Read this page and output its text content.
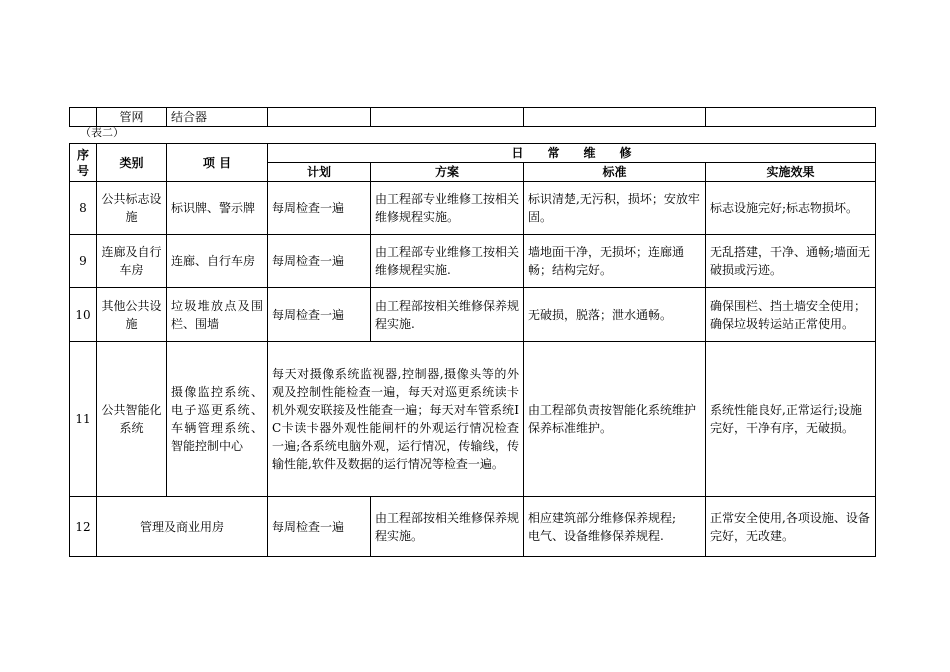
	管网	结合器				
（表二）
序号	类别	项 目	日　　常　　维　　修			
			计划	方案	标准	实施效果
8	公共标志设施	标识牌、警示牌	每周检查一遍	由工程部专业维修工按相关维修规程实施。	标识清楚,无污积，损坏；安放牢固。	标志设施完好;标志物损坏。
9	连廊及自行车房	连廊、自行车房	每周检查一遍	由工程部专业维修工按相关维修规程实施.	墙地面干净，无损坏；连廊通畅；结构完好。	无乱搭建，干净、通畅;墙面无破损或污迹。
10	其他公共设施	垃圾堆放点及围栏、围墙	每周检查一遍	由工程部按相关维修保养规程实施.	无破损，脱落；泄水通畅。	确保围栏、挡土墙安全使用；确保垃圾转运站正常使用。
11	公共智能化系统	摄像监控系统、电子巡更系统、车辆管理系统、智能控制中心	每天对摄像系统监视器,控制器,摄像头等的外观及控制性能检查一遍，每天对巡更系统读卡机外观安联接及性能查一遍；每天对车管系统IC卡读卡器外观性能闸杆的外观运行情况检查一遍;各系统电脑外观，运行情况，传输线，传输性能,软件及数据的运行情况等检查一遍。		由工程部负责按智能化系统维护保养标准维护。	系统性能良好,正常运行;设施完好，干净有序，无破损。
12	管理及商业用房		每周检查一遍	由工程部按相关维修保养规程实施。	相应建筑部分维修保养规程;
电气、设备维修保养规程.	正常安全使用,各项设施、设备完好，无改建。
